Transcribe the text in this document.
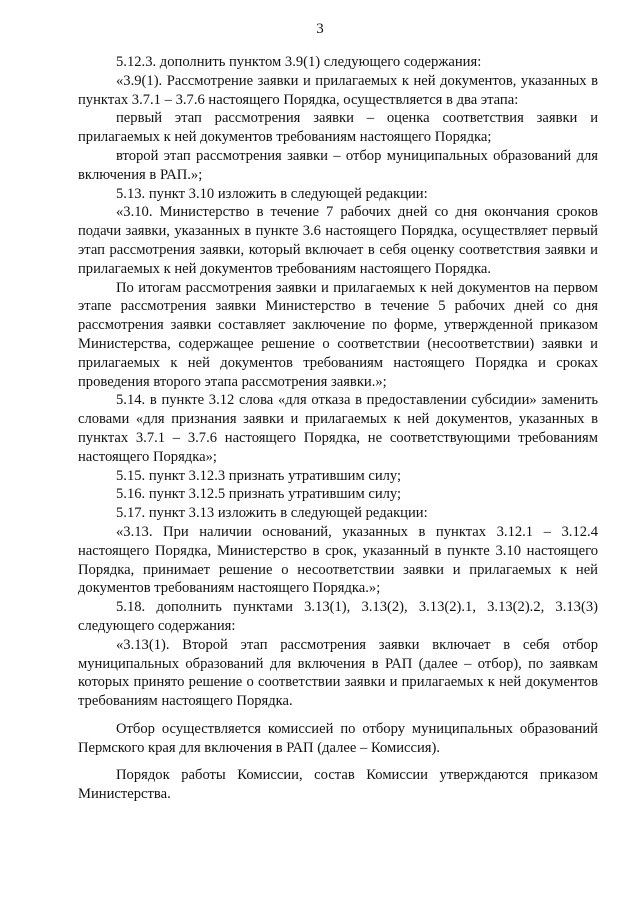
3

5.12.3. дополнить пунктом 3.9(1) следующего содержания:

«3.9(1). Рассмотрение заявки и прилагаемых к ней документов, указанных в пунктах 3.7.1 – 3.7.6 настоящего Порядка, осуществляется в два этапа:

первый этап рассмотрения заявки – оценка соответствия заявки и прилагаемых к ней документов требованиям настоящего Порядка;

второй этап рассмотрения заявки – отбор муниципальных образований для включения в РАП.»;

5.13. пункт 3.10 изложить в следующей редакции:

«3.10. Министерство в течение 7 рабочих дней со дня окончания сроков подачи заявки, указанных в пункте 3.6 настоящего Порядка, осуществляет первый этап рассмотрения заявки, который включает в себя оценку соответствия заявки и прилагаемых к ней документов требованиям настоящего Порядка.

По итогам рассмотрения заявки и прилагаемых к ней документов на первом этапе рассмотрения заявки Министерство в течение 5 рабочих дней со дня рассмотрения заявки составляет заключение по форме, утвержденной приказом Министерства, содержащее решение о соответствии (несоответствии) заявки и прилагаемых к ней документов требованиям настоящего Порядка и сроках проведения второго этапа рассмотрения заявки.»;

5.14. в пункте 3.12 слова «для отказа в предоставлении субсидии» заменить словами «для признания заявки и прилагаемых к ней документов, указанных в пунктах 3.7.1 – 3.7.6 настоящего Порядка, не соответствующими требованиям настоящего Порядка»;

5.15. пункт 3.12.3 признать утратившим силу;

5.16. пункт 3.12.5 признать утратившим силу;

5.17. пункт 3.13 изложить в следующей редакции:

«3.13. При наличии оснований, указанных в пунктах 3.12.1 – 3.12.4 настоящего Порядка, Министерство в срок, указанный в пункте 3.10 настоящего Порядка, принимает решение о несоответствии заявки и прилагаемых к ней документов требованиям настоящего Порядка.»;

5.18. дополнить пунктами 3.13(1), 3.13(2), 3.13(2).1, 3.13(2).2, 3.13(3) следующего содержания:

«3.13(1). Второй этап рассмотрения заявки включает в себя отбор муниципальных образований для включения в РАП (далее – отбор), по заявкам которых принято решение о соответствии заявки и прилагаемых к ней документов требованиям настоящего Порядка.

Отбор осуществляется комиссией по отбору муниципальных образований Пермского края для включения в РАП (далее – Комиссия).

Порядок работы Комиссии, состав Комиссии утверждаются приказом Министерства.
